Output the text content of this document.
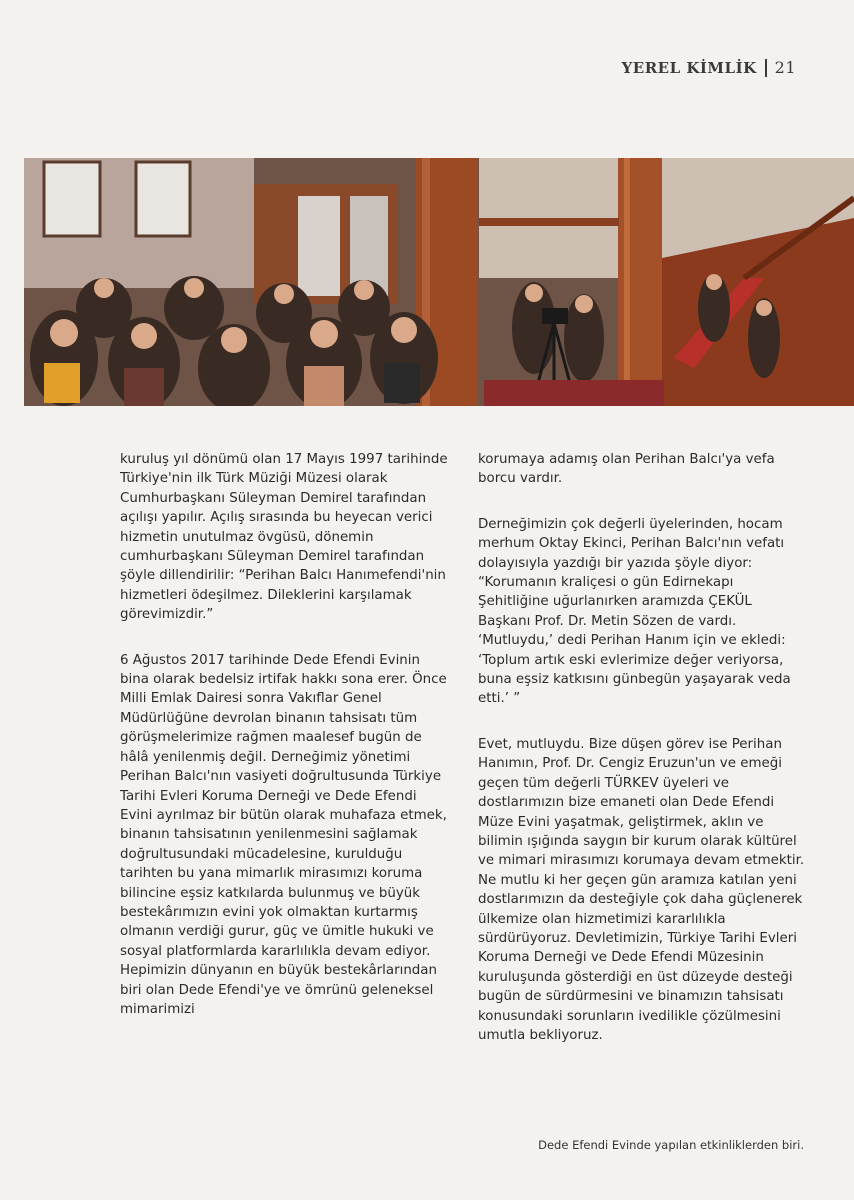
YEREL KİMLİK 21

kuruluş yıl dönümü olan 17 Mayıs 1997 tarihinde Türkiye'nin ilk Türk Müziği Müzesi olarak Cumhurbaşkanı Süleyman Demirel tarafından açılışı yapılır. Açılış sırasında bu heyecan verici hizmetin unutulmaz övgüsü, dönemin cumhurbaşkanı Süleyman Demirel tarafından şöyle dillendirilir: “Perihan Balcı Hanımefendi'nin hizmetleri ödeşilmez. Dileklerini karşılamak görevimizdir.”

6 Ağustos 2017 tarihinde Dede Efendi Evinin bina olarak bedelsiz irtifak hakkı sona erer. Önce Milli Emlak Dairesi sonra Vakıflar Genel Müdürlüğüne devrolan binanın tahsisatı tüm görüşmelerimize rağmen maalesef bugün de hâlâ yenilenmiş değil. Derneğimiz yönetimi Perihan Balcı'nın vasiyeti doğrultusunda Türkiye Tarihi Evleri Koruma Derneği ve Dede Efendi Evini ayrılmaz bir bütün olarak muhafaza etmek, binanın tahsisatının yenilenmesini sağlamak doğrultusundaki mücadelesine, kurulduğu tarihten bu yana mimarlık mirasımızı koruma bilincine eşsiz katkılarda bulunmuş ve büyük bestekârımızın evini yok olmaktan kurtarmış olmanın verdiği gurur, güç ve ümitle hukuki ve sosyal platformlarda kararlılıkla devam ediyor. Hepimizin dünyanın en büyük bestekârlarından biri olan Dede Efendi'ye ve ömrünü geleneksel mimarimizi

korumaya adamış olan Perihan Balcı'ya vefa borcu vardır.

Derneğimizin çok değerli üyelerinden, hocam merhum Oktay Ekinci, Perihan Balcı'nın vefatı dolayısıyla yazdığı bir yazıda şöyle diyor: “Korumanın kraliçesi o gün Edirnekapı Şehitliğine uğurlanırken aramızda ÇEKÜL Başkanı Prof. Dr. Metin Sözen de vardı. ‘Mutluydu,’ dedi Perihan Hanım için ve ekledi: ‘Toplum artık eski evlerimize değer veriyorsa, buna eşsiz katkısını günbegün yaşayarak veda etti.’ ”

Evet, mutluydu. Bize düşen görev ise Perihan Hanımın, Prof. Dr. Cengiz Eruzun'un ve emeği geçen tüm değerli TÜRKEV üyeleri ve dostlarımızın bize emaneti olan Dede Efendi Müze Evini yaşatmak, geliştirmek, aklın ve bilimin ışığında saygın bir kurum olarak kültürel ve mimari mirasımızı korumaya devam etmektir. Ne mutlu ki her geçen gün aramıza katılan yeni dostlarımızın da desteğiyle çok daha güçlenerek ülkemize olan hizmetimizi kararlılıkla sürdürüyoruz. Devletimizin, Türkiye Tarihi Evleri Koruma Derneği ve Dede Efendi Müzesinin kuruluşunda gösterdiği en üst düzeyde desteği bugün de sürdürmesini ve binamızın tahsisatı konusundaki sorunların ivedilikle çözülmesini umutla bekliyoruz.

Dede Efendi Evinde yapılan etkinliklerden biri.
